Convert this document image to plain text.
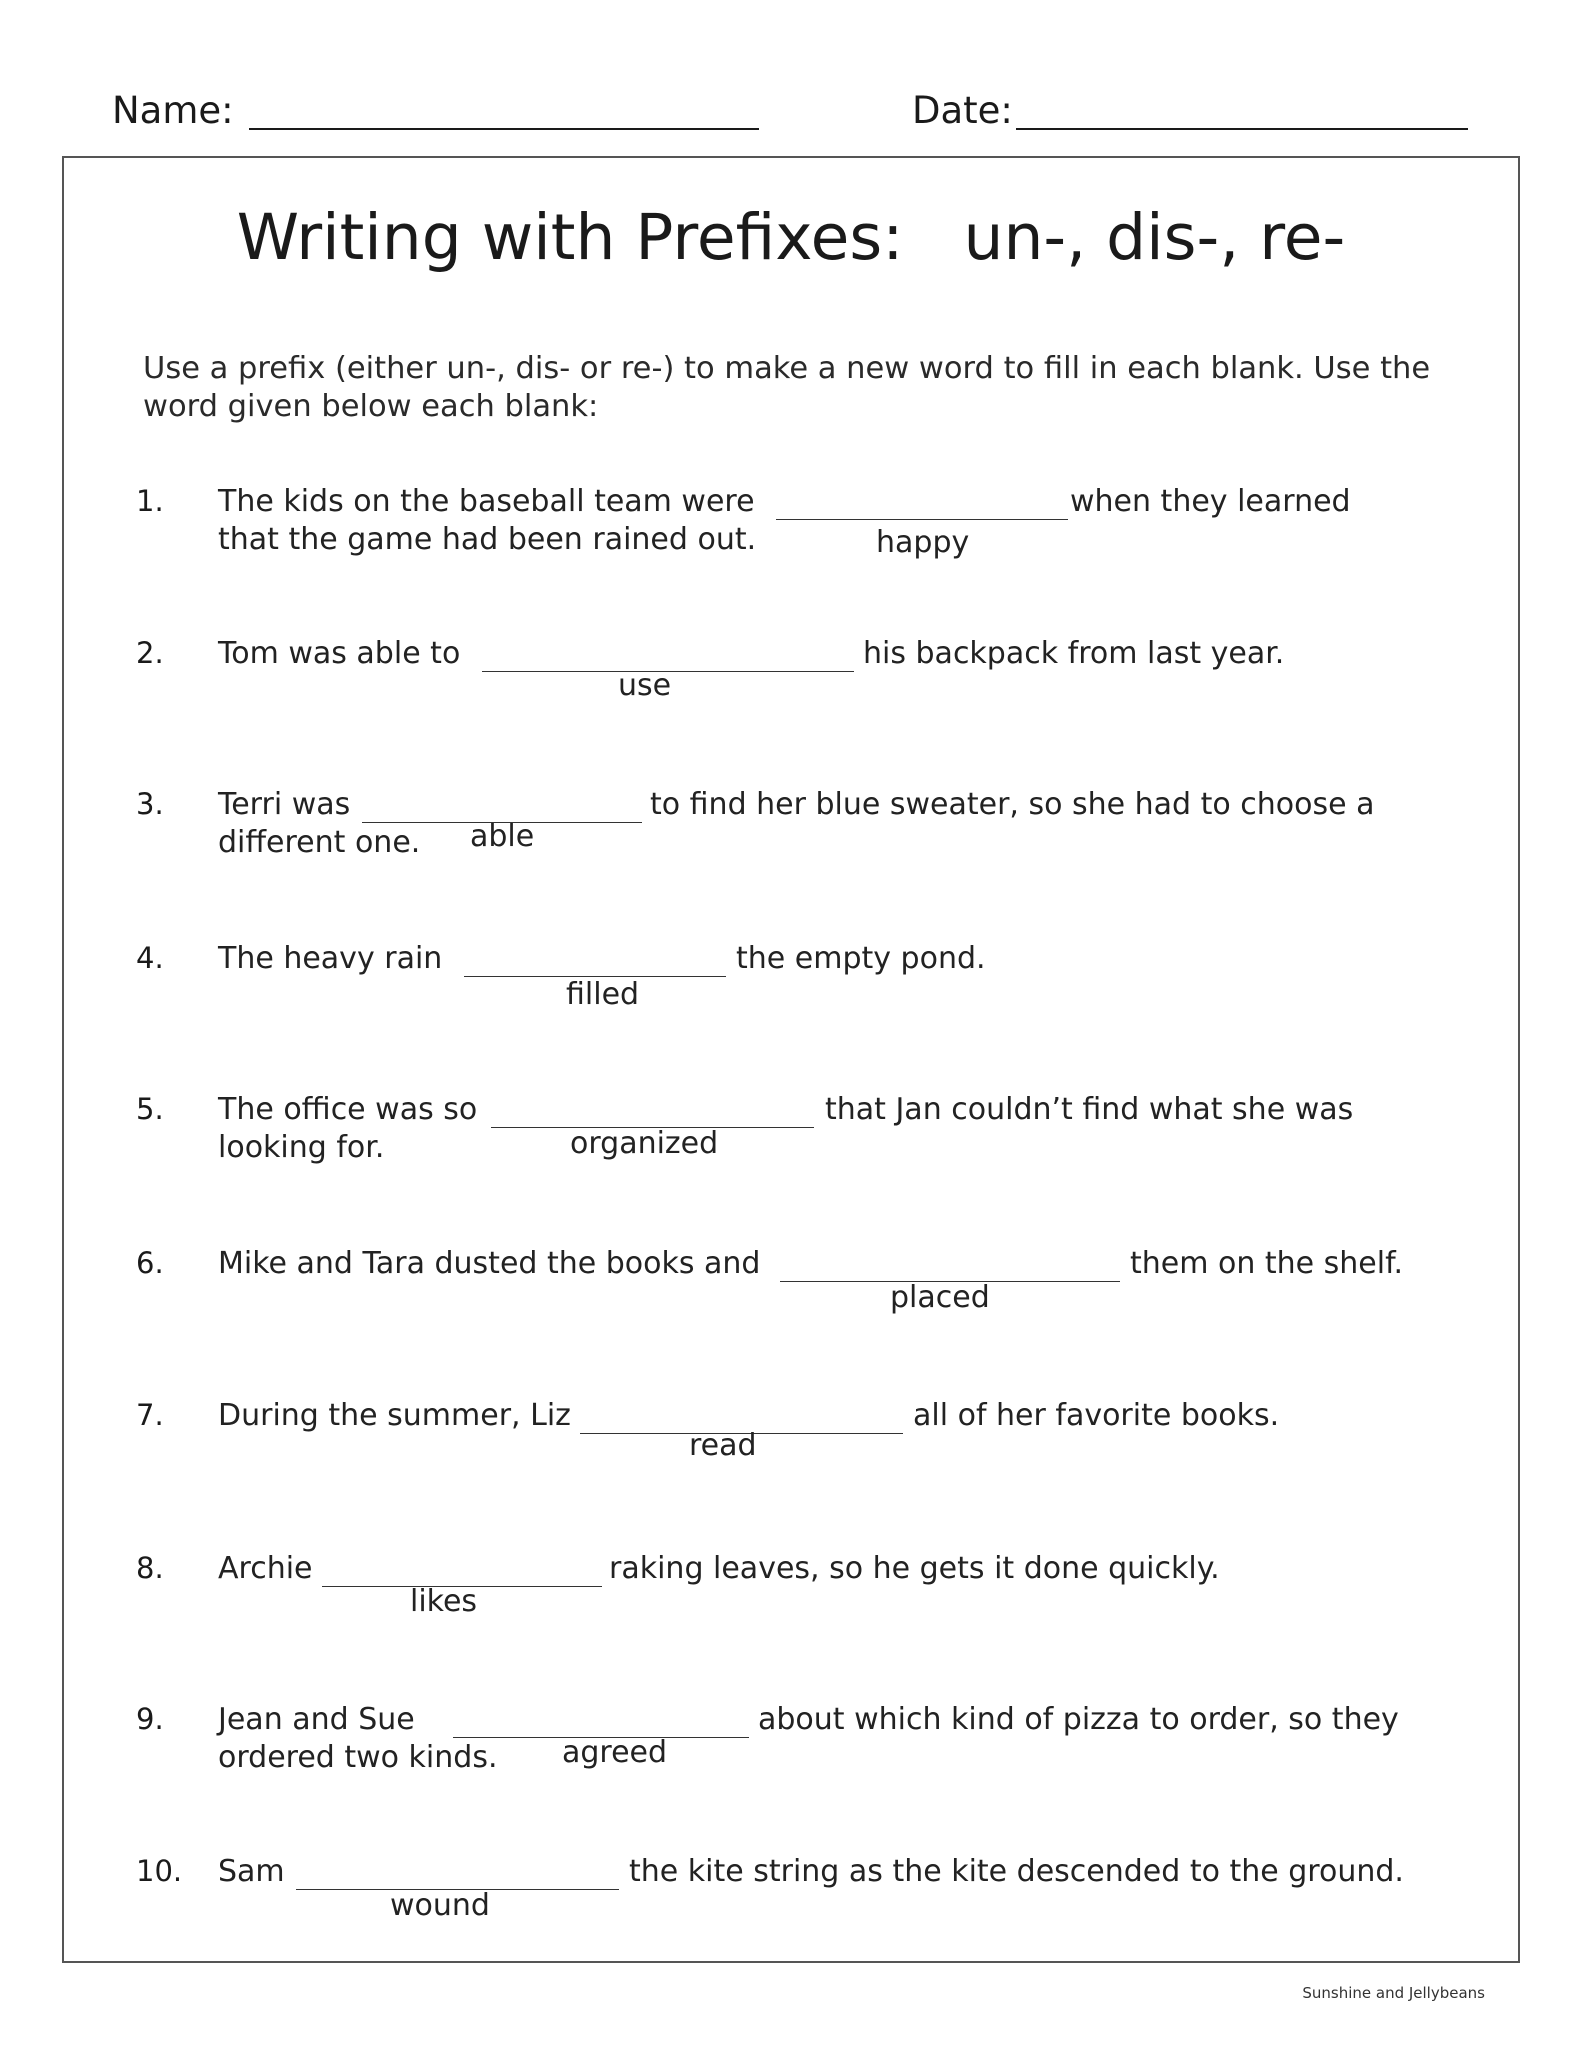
Name:	Date:
Writing with Prefixes:   un-, dis-, re-
Use a prefix (either un-, dis- or re-) to make a new word to fill in each blank. Use the word given below each blank:
1. The kids on the baseball team were	when they learned
that the game had been rained out.	happy
2. Tom was able to	his backpack from last year.
use
3. Terri was	to find her blue sweater, so she had to choose a
different one. able
4. The heavy rain	the empty pond.
filled
5. The office was so	that Jan couldn’t find what she was
looking for.	organized
6. Mike and Tara dusted the books and	them on the shelf.
placed
7. During the summer, Liz	all of her favorite books.
read
8. Archie	raking leaves, so he gets it done quickly.
likes
9. Jean and Sue	about which kind of pizza to order, so they
ordered two kinds. agreed
10. Sam	the kite string as the kite descended to the ground.
wound
Sunshine and Jellybeans
